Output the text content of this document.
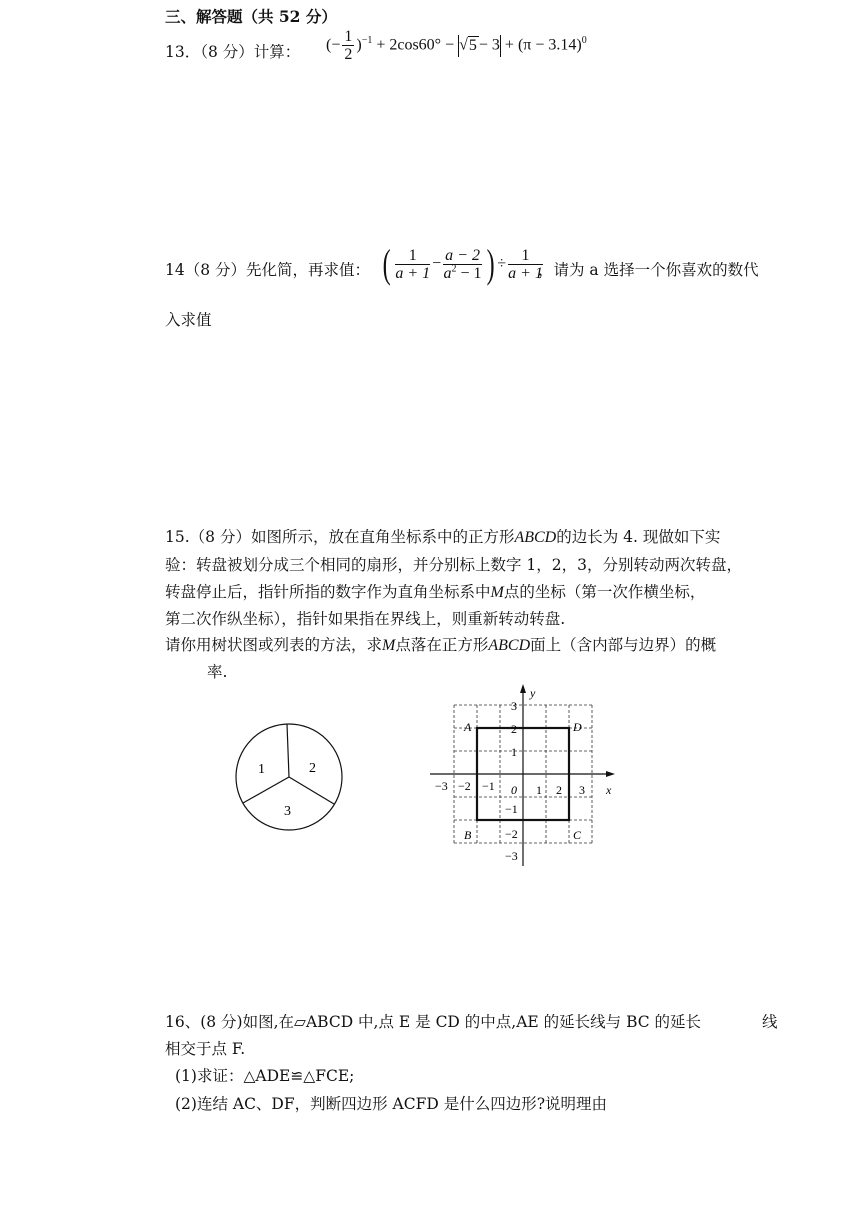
三、解答题（共 52 分）
13．（8 分）计算： (− $\frac{1}{2} )^{-1} + 2\cos 60^\circ - √5 - 3 + (\pi - 3.14)^0$
14（8 分）先化简，再求值： ( $\frac{1}{a + 1} - \frac{a - 2}{a^2 - 1}$ ) ÷ $\frac{1}{a + 1}$
，请为 a 选择一个你喜欢的数代
入求值
15.（8 分）如图所示，放在直角坐标系中的正方形ABCD的边长为 4. 现做如下实
验：转盘被划分成三个相同的扇形，并分别标上数字 1，2，3，分别转动两次转盘，
转盘停止后，指针所指的数字作为直角坐标系中M点的坐标（第一次作横坐标，
第二次作纵坐标），指针如果指在界线上，则重新转动转盘.
请你用树状图或列表的方法，求M点落在正方形ABCD面上（含内部与边界）的概
率.
1	2
3
y
x
0
−3 −2 −1	1 2 3
3
2
1
−1
−2
−3
A	D
B	C
16、(8 分)如图,在▱ABCD 中,点 E 是 CD 的中点,AE 的延长线与 BC 的延长	线
相交于点 F.
(1)求证：△ADE≌△FCE;
(2)连结 AC、DF，判断四边形 ACFD 是什么四边形?说明理由
